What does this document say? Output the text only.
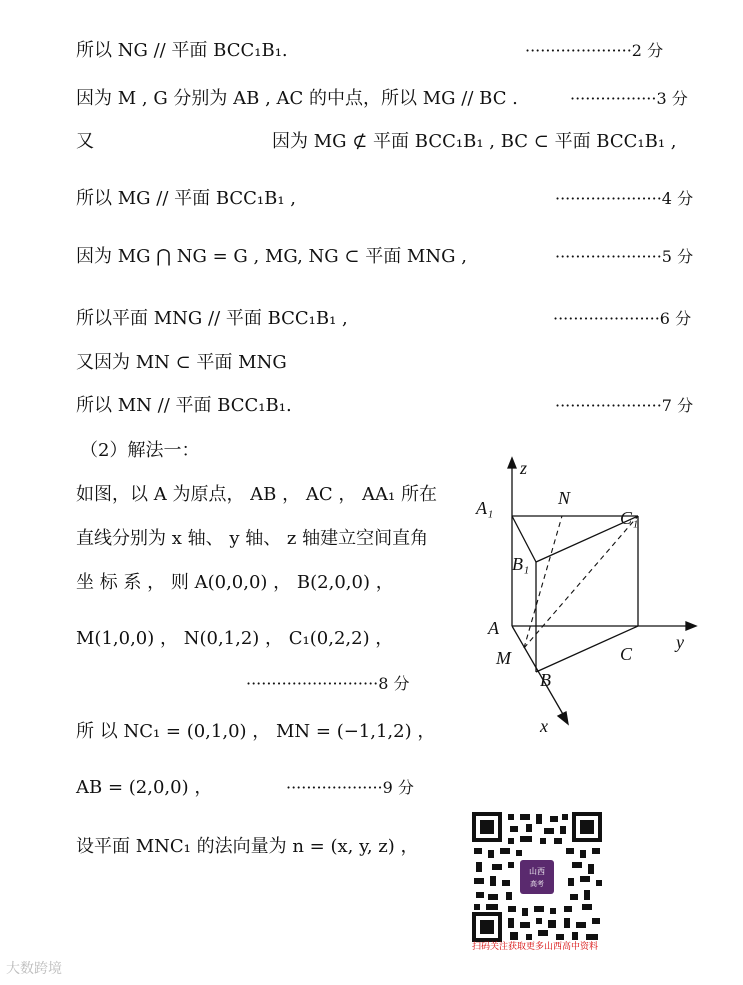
所以 NG // 平面 BCC₁B₁.	·····················2 分
因为 M , G 分别为 AB , AC 的中点，所以 MG // BC .	·················3 分
又	因为 MG ⊄ 平面 BCC₁B₁ , BC ⊂ 平面 BCC₁B₁ ,
所以 MG // 平面 BCC₁B₁ ,	·····················4 分
因为 MG ⋂ NG = G , MG, NG ⊂ 平面 MNG ,	·····················5 分
所以平面 MNG // 平面 BCC₁B₁ ,	·····················6 分
又因为 MN ⊂ 平面 MNG
所以 MN // 平面 BCC₁B₁.	·····················7 分
（2）解法一：
如图，以 A 为原点， AB ， AC ， AA₁ 所在
直线分别为 x 轴、 y 轴、 z 轴建立空间直角
坐 标 系 ， 则 A(0,0,0) ， B(2,0,0) ，
M(1,0,0) ， N(0,1,2) ， C₁(0,2,2) ，
··························8 分
所 以 NC₁ = (0,1,0) ， MN = (−1,1,2) ，
AB = (2,0,0) ，	···················9 分
设平面 MNC₁ 的法向量为 n = (x, y, z) ，
z
N
A₁	C₁
B₁
A
M	C
y
B
x
山西
高考
扫码关注获取更多山西高中资料
大数跨境
